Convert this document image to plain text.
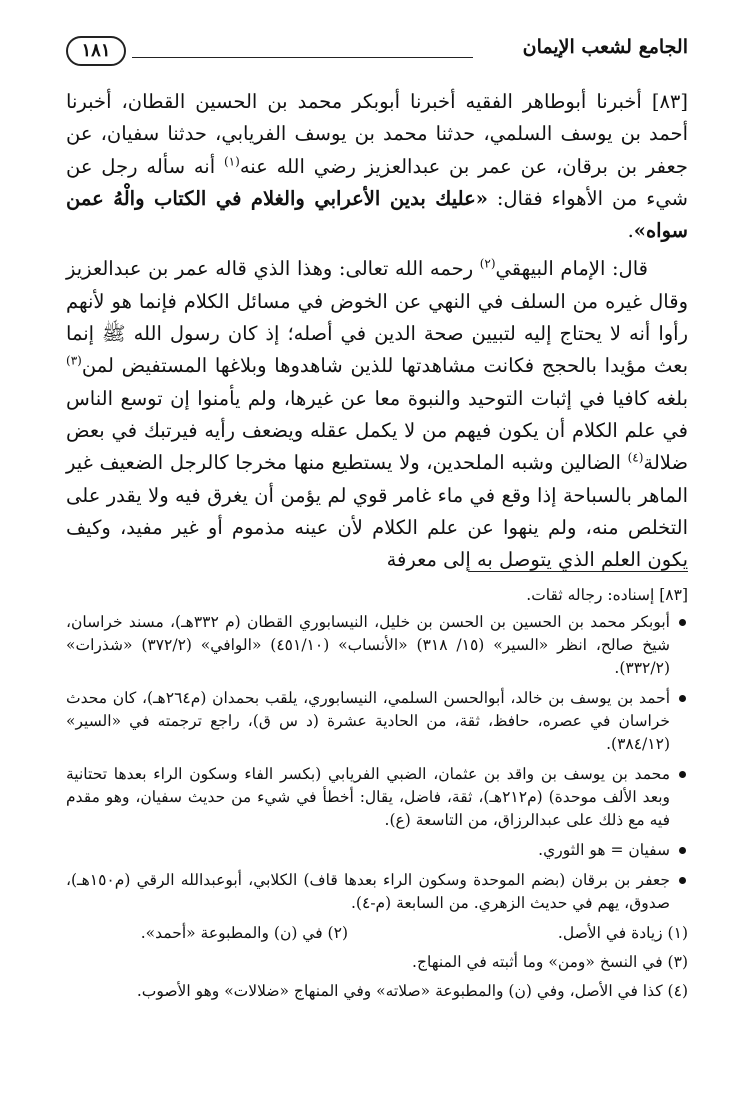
١٨١	الجامع لشعب الإيمان

[٨٣] أخبرنا أبوطاهر الفقيه أخبرنا أبوبكر محمد بن الحسين القطان، أخبرنا أحمد بن يوسف السلمي، حدثنا محمد بن يوسف الفريابي، حدثنا سفيان، عن جعفر بن برقان، عن عمر بن عبدالعزيز رضي الله عنه$^{(١)}$ أنه سأله رجل عن شيء من الأهواء فقال: «عليك بدين الأعرابي والغلام في الكتاب والْهُ عمن سواه».

قال: الإمام البيهقي$^{(٢)}$ رحمه الله تعالى: وهذا الذي قاله عمر بن عبدالعزيز وقال غيره من السلف في النهي عن الخوض في مسائل الكلام فإنما هو لأنهم رأوا أنه لا يحتاج إليه لتبيين صحة الدين في أصله؛ إذ كان رسول الله ﷺ إنما بعث مؤيدا بالحجج فكانت مشاهدتها للذين شاهدوها وبلاغها المستفيض لمن$^{(٣)}$ بلغه كافيا في إثبات التوحيد والنبوة معا عن غيرها، ولم يأمنوا إن توسع الناس في علم الكلام أن يكون فيهم من لا يكمل عقله ويضعف رأيه فيرتبك في بعض ضلالة$^{(٤)}$ الضالين وشبه الملحدين، ولا يستطيع منها مخرجا كالرجل الضعيف غير الماهر بالسباحة إذا وقع في ماء غامر قوي لم يؤمن أن يغرق فيه ولا يقدر على التخلص منه، ولم ينهوا عن علم الكلام لأن عينه مذموم أو غير مفيد، وكيف يكون العلم الذي يتوصل به إلى معرفة

[٨٣] إسناده: رجاله ثقات.

أبوبكر محمد بن الحسين بن الحسن بن خليل، النيسابوري القطان (م ٣٣٢هـ)، مسند خراسان، شيخ صالح، انظر «السير» (١٥/ ٣١٨) «الأنساب» (٤٥١/١٠) «الوافي» (٣٧٢/٢) «شذرات» (٣٣٢/٢).
أحمد بن يوسف بن خالد، أبوالحسن السلمي، النيسابوري، يلقب بحمدان (م٢٦٤هـ)، كان محدث خراسان في عصره، حافظ، ثقة، من الحادية عشرة (د س ق)، راجع ترجمته في «السير» (٣٨٤/١٢).
محمد بن يوسف بن واقد بن عثمان، الضبي الفريابي (بكسر الفاء وسكون الراء بعدها تحتانية وبعد الألف موحدة) (م٢١٢هـ)، ثقة، فاضل، يقال: أخطأ في شيء من حديث سفيان، وهو مقدم فيه مع ذلك على عبدالرزاق، من التاسعة (ع).
سفيان = هو الثوري.
جعفر بن برقان (بضم الموحدة وسكون الراء بعدها قاف) الكلابي، أبوعبدالله الرقي (م١٥٠هـ)، صدوق، يهم في حديث الزهري. من السابعة (م-٤).
(١) زيادة في الأصل.
(٢) في (ن) والمطبوعة «أحمد».

(٣) في النسخ «ومن» وما أثبته في المنهاج.

(٤) كذا في الأصل، وفي (ن) والمطبوعة «صلاته» وفي المنهاج «ضلالات» وهو الأصوب.
